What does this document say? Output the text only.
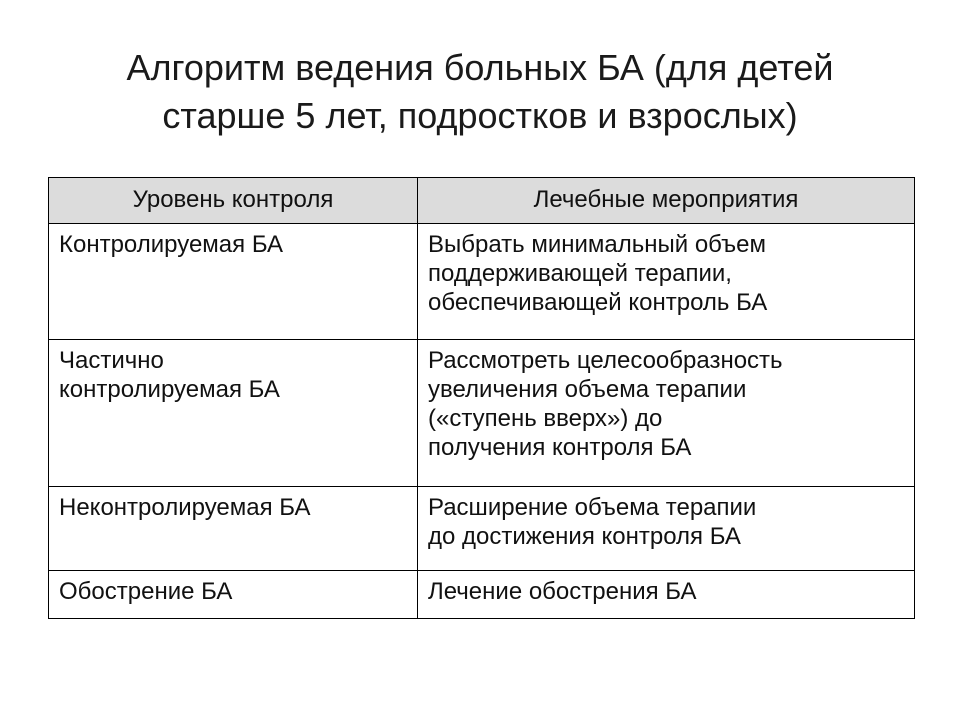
Алгоритм ведения больных БА (для детей
старше 5 лет, подростков и взрослых)
Уровень контроля	Лечебные мероприятия

Контролируемая БА	Выбрать минимальный объем
поддерживающей терапии,
обеспечивающей контроль БА

Частично
контролируемая БА	Рассмотреть целесообразность
увеличения объема терапии
(«ступень вверх») до
получения контроля БА

Неконтролируемая БА	Расширение объема терапии
до достижения контроля БА

Обострение БА	Лечение обострения БА
